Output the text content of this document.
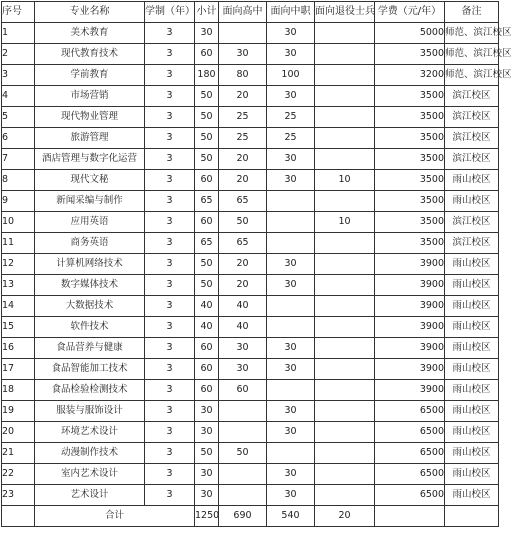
序号	专业名称	学制（年）	小计	面向高中	面向中职	面向退役士兵	学费（元/年）	备注
1	美术教育	3	30		30		5000	师范、滨江校区
2	现代教育技术	3	60	30	30		3500	师范、滨江校区
3	学前教育	3	180	80	100		3200	师范、滨江校区
4	市场营销	3	50	20	30		3500	滨江校区
5	现代物业管理	3	50	25	25		3500	滨江校区
6	旅游管理	3	50	25	25		3500	滨江校区
7	酒店管理与数字化运营	3	50	20	30		3500	滨江校区
8	现代文秘	3	60	20	30	10	3500	雨山校区
9	新闻采编与制作	3	65	65			3500	雨山校区
10	应用英语	3	60	50		10	3500	滨江校区
11	商务英语	3	65	65			3500	滨江校区
12	计算机网络技术	3	50	20	30		3900	雨山校区
13	数字媒体技术	3	50	20	30		3900	雨山校区
14	大数据技术	3	40	40			3900	雨山校区
15	软件技术	3	40	40			3900	雨山校区
16	食品营养与健康	3	60	30	30		3900	雨山校区
17	食品智能加工技术	3	60	30	30		3900	雨山校区
18	食品检验检测技术	3	60	60			3900	雨山校区
19	服装与服饰设计	3	30		30		6500	雨山校区
20	环境艺术设计	3	30		30		6500	雨山校区
21	动漫制作技术	3	50	50			6500	雨山校区
22	室内艺术设计	3	30		30		6500	雨山校区
23	艺术设计	3	30		30		6500	雨山校区
	合计		1250	690	540	20		
